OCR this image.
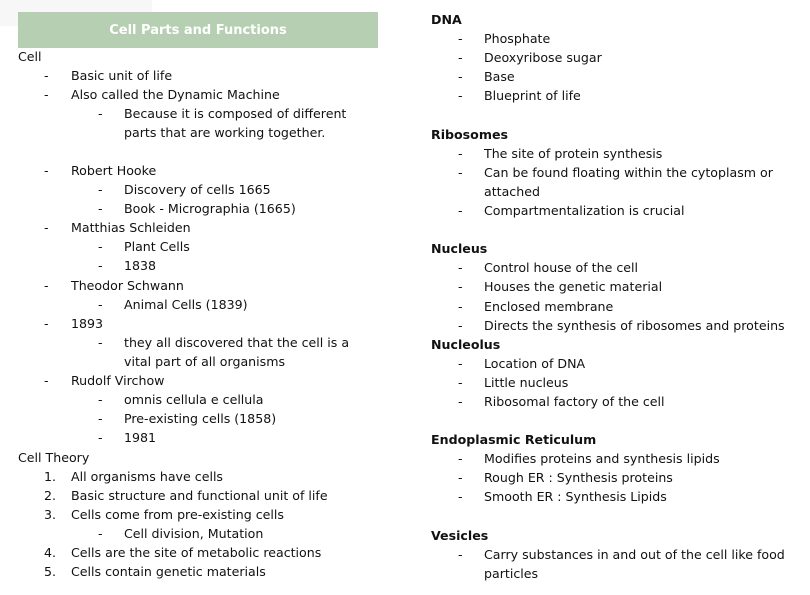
Cell Parts and Functions
Cell
- Basic unit of life
- Also called the Dynamic Machine
- Because it is composed of different
parts that are working together.
- Robert Hooke
- Discovery of cells 1665
- Book - Micrographia (1665)
- Matthias Schleiden
- Plant Cells
- 1838
- Theodor Schwann
- Animal Cells (1839)
- 1893
- they all discovered that the cell is a
vital part of all organisms
- Rudolf Virchow
- omnis cellula e cellula
- Pre-existing cells (1858)
- 1981
Cell Theory
1. All organisms have cells
2. Basic structure and functional unit of life
3. Cells come from pre-existing cells
- Cell division, Mutation
4. Cells are the site of metabolic reactions
5. Cells contain genetic materials
DNA
- Phosphate
- Deoxyribose sugar
- Base
- Blueprint of life
Ribosomes
- The site of protein synthesis
- Can be found floating within the cytoplasm or
attached
- Compartmentalization is crucial
Nucleus
- Control house of the cell
- Houses the genetic material
- Enclosed membrane
- Directs the synthesis of ribosomes and proteins
Nucleolus
- Location of DNA
- Little nucleus
- Ribosomal factory of the cell
Endoplasmic Reticulum
- Modifies proteins and synthesis lipids
- Rough ER : Synthesis proteins
- Smooth ER : Synthesis Lipids
Vesicles
- Carry substances in and out of the cell like food
particles
